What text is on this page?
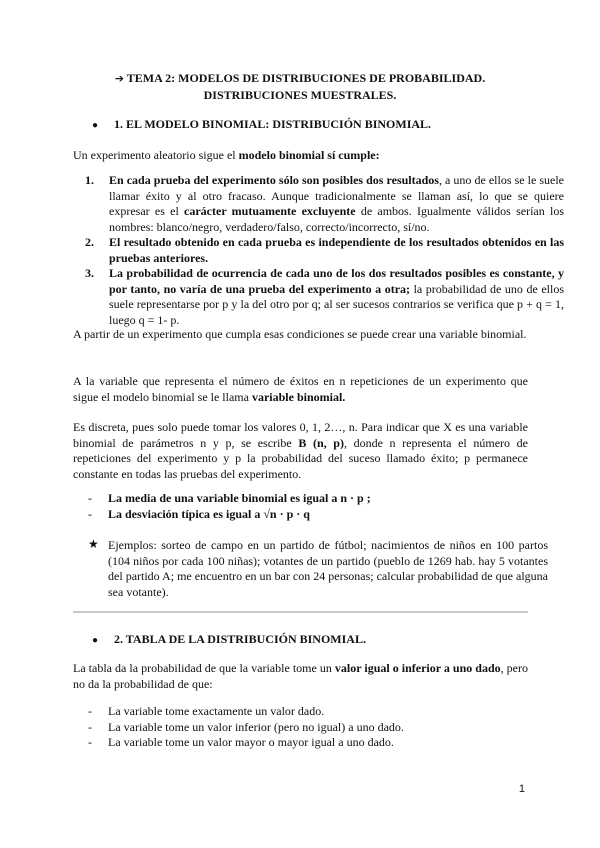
➔ TEMA 2: MODELOS DE DISTRIBUCIONES DE PROBABILIDAD.
DISTRIBUCIONES MUESTRALES.
● 1. EL MODELO BINOMIAL: DISTRIBUCIÓN BINOMIAL.
Un experimento aleatorio sigue el modelo binomial sí cumple:
1. En cada prueba del experimento sólo son posibles dos resultados, a uno de ellos se le suele llamar éxito y al otro fracaso. Aunque tradicionalmente se llaman así, lo que se quiere expresar es el carácter mutuamente excluyente de ambos. Igualmente válidos serían los nombres: blanco/negro, verdadero/falso, correcto/incorrecto, sí/no.
2. El resultado obtenido en cada prueba es independiente de los resultados obtenidos en las pruebas anteriores.
3. La probabilidad de ocurrencia de cada uno de los dos resultados posibles es constante, y por tanto, no varía de una prueba del experimento a otra; la probabilidad de uno de ellos suele representarse por p y la del otro por q; al ser sucesos contrarios se verifica que p + q = 1, luego q = 1- p.
A partir de un experimento que cumpla esas condiciones se puede crear una variable binomial.
A la variable que representa el número de éxitos en n repeticiones de un experimento que sigue el modelo binomial se le llama variable binomial.
Es discreta, pues solo puede tomar los valores 0, 1, 2…, n. Para indicar que X es una variable binomial de parámetros n y p, se escribe B (n, p), donde n representa el número de repeticiones del experimento y p la probabilidad del suceso llamado éxito; p permanece constante en todas las pruebas del experimento.
- La media de una variable binomial es igual a n · p ;
- La desviación típica es igual a √n · p · q
★ Ejemplos: sorteo de campo en un partido de fútbol; nacimientos de niños en 100 partos (104 niños por cada 100 niñas); votantes de un partido (pueblo de 1269 hab. hay 5 votantes del partido A; me encuentro en un bar con 24 personas; calcular probabilidad de que alguna sea votante).
● 2. TABLA DE LA DISTRIBUCIÓN BINOMIAL.
La tabla da la probabilidad de que la variable tome un valor igual o inferior a uno dado, pero no da la probabilidad de que:
- La variable tome exactamente un valor dado.
- La variable tome un valor inferior (pero no igual) a uno dado.
- La variable tome un valor mayor o mayor igual a uno dado.
1
